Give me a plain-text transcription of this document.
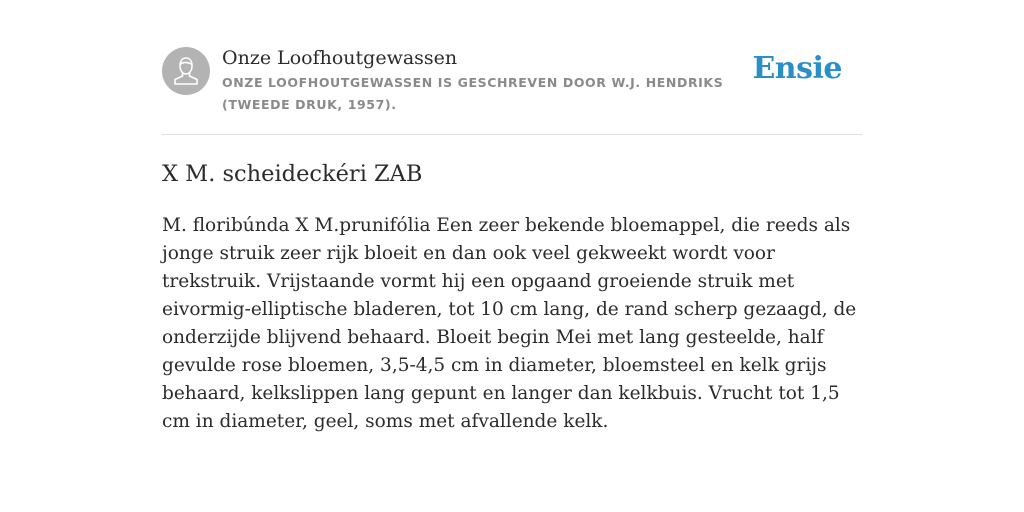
Onze Loofhoutgewassen
ONZE LOOFHOUTGEWASSEN IS GESCHREVEN DOOR W.J. HENDRIKS (TWEEDE DRUK, 1957).
Ensie
X M. scheideckéri ZAB

M. floribúnda X M.prunifólia Een zeer bekende bloemappel, die reeds als jonge struik zeer rijk bloeit en dan ook veel gekweekt wordt voor trekstruik. Vrijstaande vormt hij een opgaand groeiende struik met eivormig-elliptische bladeren, tot 10 cm lang, de rand scherp gezaagd, de onderzijde blijvend behaard. Bloeit begin Mei met lang gesteelde, half gevulde rose bloemen, 3,5-4,5 cm in diameter, bloemsteel en kelk grijs behaard, kelkslippen lang gepunt en langer dan kelkbuis. Vrucht tot 1,5 cm in diameter, geel, soms met afvallende kelk.
